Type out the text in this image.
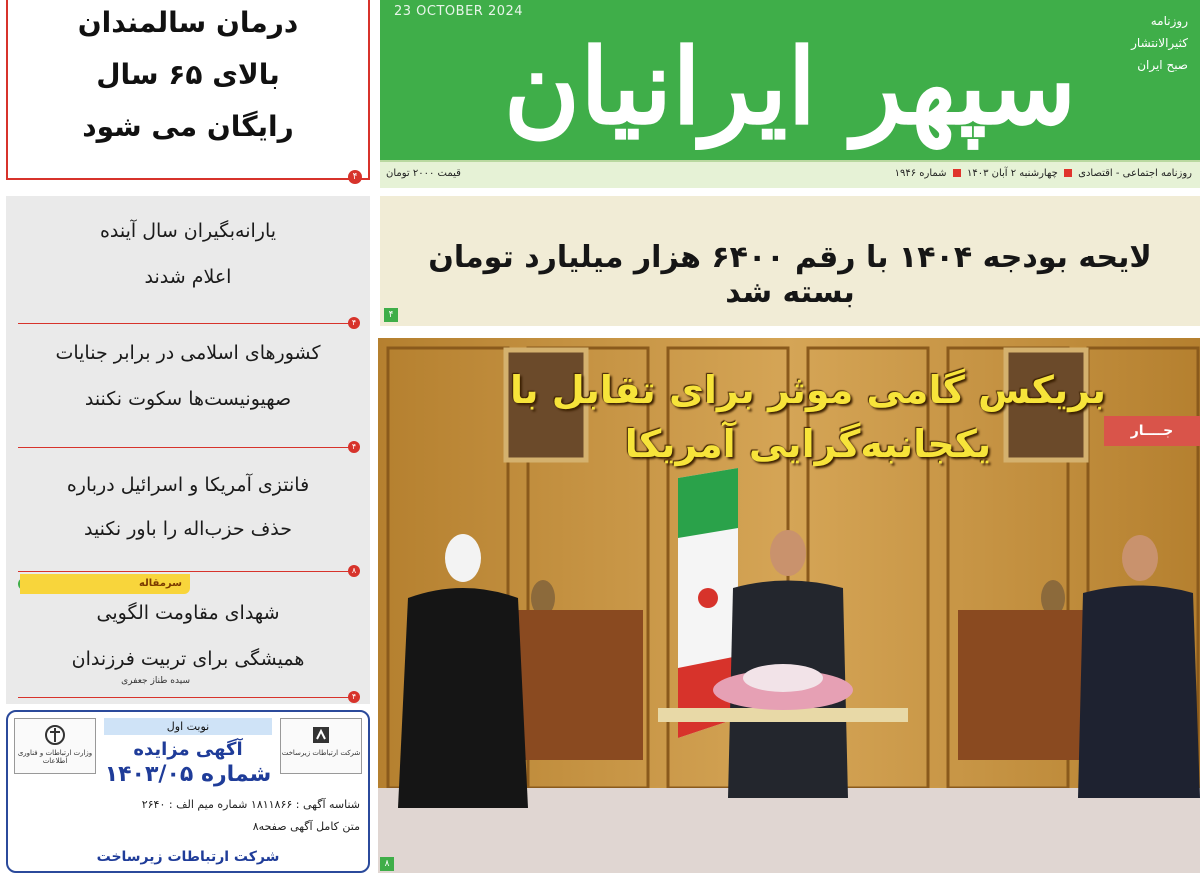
درمان سالمندان
بالای ۶۵ سال
رایگان می شود
۴
23 OCTOBER 2024
سپهر ایرانیان
روزنامه
کثیرالانتشار
صبح ایران
روزنامه اجتماعی - اقتصادی  چهارشنبه ۲ آبان ۱۴۰۳  شماره ۱۹۴۶
قیمت ۲۰۰۰ تومان
لایحه بودجه ۱۴۰۴ با رقم ۶۴۰۰ هزار میلیارد تومان بسته شد
۴
یارانه‌بگیران سال آینده
اعلام شدند
۴
کشورهای اسلامی در برابر جنایات
صهیونیست‌ها سکوت نکنند
۴
فانتزی آمریکا و اسرائیل درباره
حذف حزب‌اله را باور نکنید
۸
سرمقاله
شهدای مقاومت الگویی
همیشگی برای تربیت فرزندان
۴
سیده طناز جعفری
وزارت ارتباطات و فناوری اطلاعات
شرکت ارتباطات زیرساخت
نوبت اول
آگهی مزایده
شماره ۱۴۰۳/۰۵
شناسه آگهی : ۱۸۱۱۸۶۶ شماره میم الف : ۲۶۴۰
متن کامل آگهی صفحه۸
شرکت ارتباطات زیرساخت
بریکس گامی موثر برای تقابل با
یکجانبه‌گرایی آمریکا	جــــار
۸
